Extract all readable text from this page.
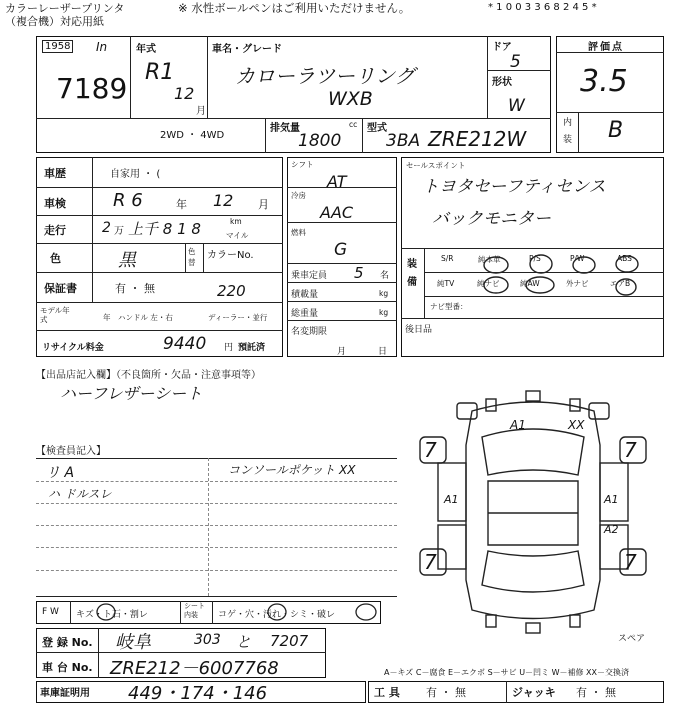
カラーレーザープリンタ
（複合機）対応用紙
※ 水性ボールペンはご利用いただけません。	* 1 0 0 3 3 6 8 2 4 5 *
1958 In
7189
年式
R1
12
月
車名・グレード
カローラツーリング
WXB
ドア
5
形状
W
2WD ・ 4WD
排気量
1800
cc 型式
3BA ZRE212W
評価点
3.5
内
装 B
車歴	自家用 ・ (
車検	R 6	年 12 月
走行	2 万 上千 8 1 8	km
マイル
色	黒	色替
カラーNo.
保証書	有 ・ 無	220
モデル年式	年 ハンドル 左・右	ディーラー・並行
リサイクル料金	9440 円 預託済
シフト
AT
冷房
AAC
燃料
G
乗車定員 5 名
積載量	kg
総重量	kg
名変期限
月	日
セールスポイント
トヨタセーフティセンス
バックモニター
装備
S/R	純本革	P/S	P/W	ABS
純TV	純ナビ	純AW	外ナビ	エアB
ナビ型番：
後日品
【出品店記入欄】（不良箇所・欠品・注意事項等）
ハーフレザーシート
【検査員記入】
リ A
ハ ドルスレ
コンソールポケット XX
A1	XX
A1	A1
A2
7	7
7	7
スペア
F W キズ・ト石・割レ
シート内装	コゲ・穴・汚れ・シミ・破レ
登 録 No. 岐阜	303 と 7207
車 台 No. ZRE212－6007768	A－キズ C－腐食 E－エクボ S－サビ U－凹ミ W－補修 XX－交換済
車庫証明用 449・174・146	工 具 有 ・ 無	ジャッキ 有 ・ 無
